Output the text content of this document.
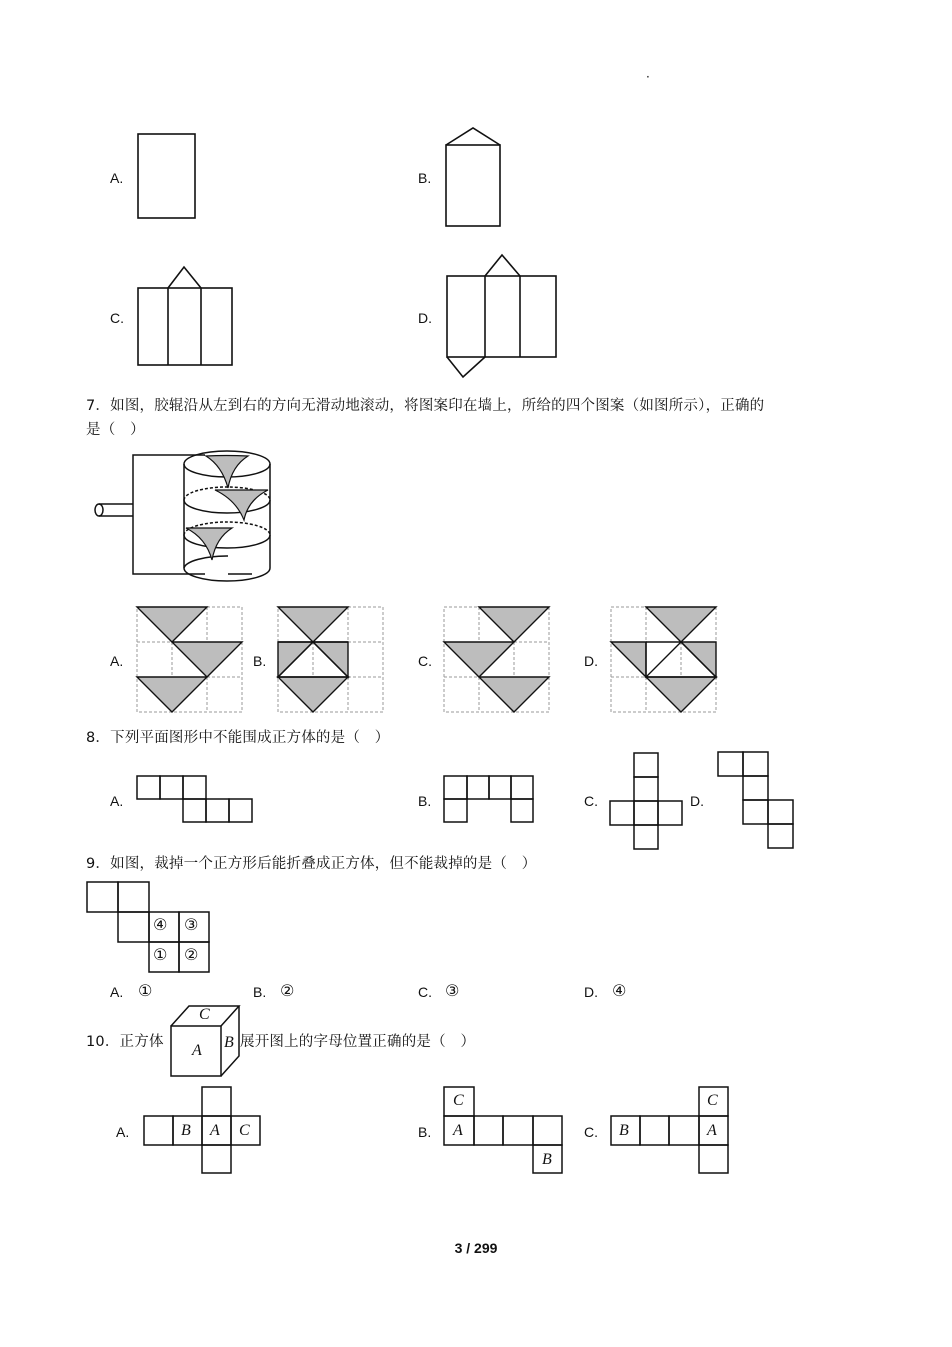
·
A.	B.
C.	D.
7．如图，胶辊沿从左到右的方向无滑动地滚动，将图案印在墙上，所给的四个图案（如图所示），正确的
是（　）
A.	B.	C.	D.
8．下列平面图形中不能围成正方体的是（　）
A.	B.	C.	D.
9．如图，裁掉一个正方形后能折叠成正方体，但不能裁掉的是（　）
④ ③
① ②
A. ①	B. ②	C. ③	D. ④
10．正方体	展开图上的字母位置正确的是（　）
C
A B
A.	B A C	B.
C
A
B
C. B
C
A
3 / 299
